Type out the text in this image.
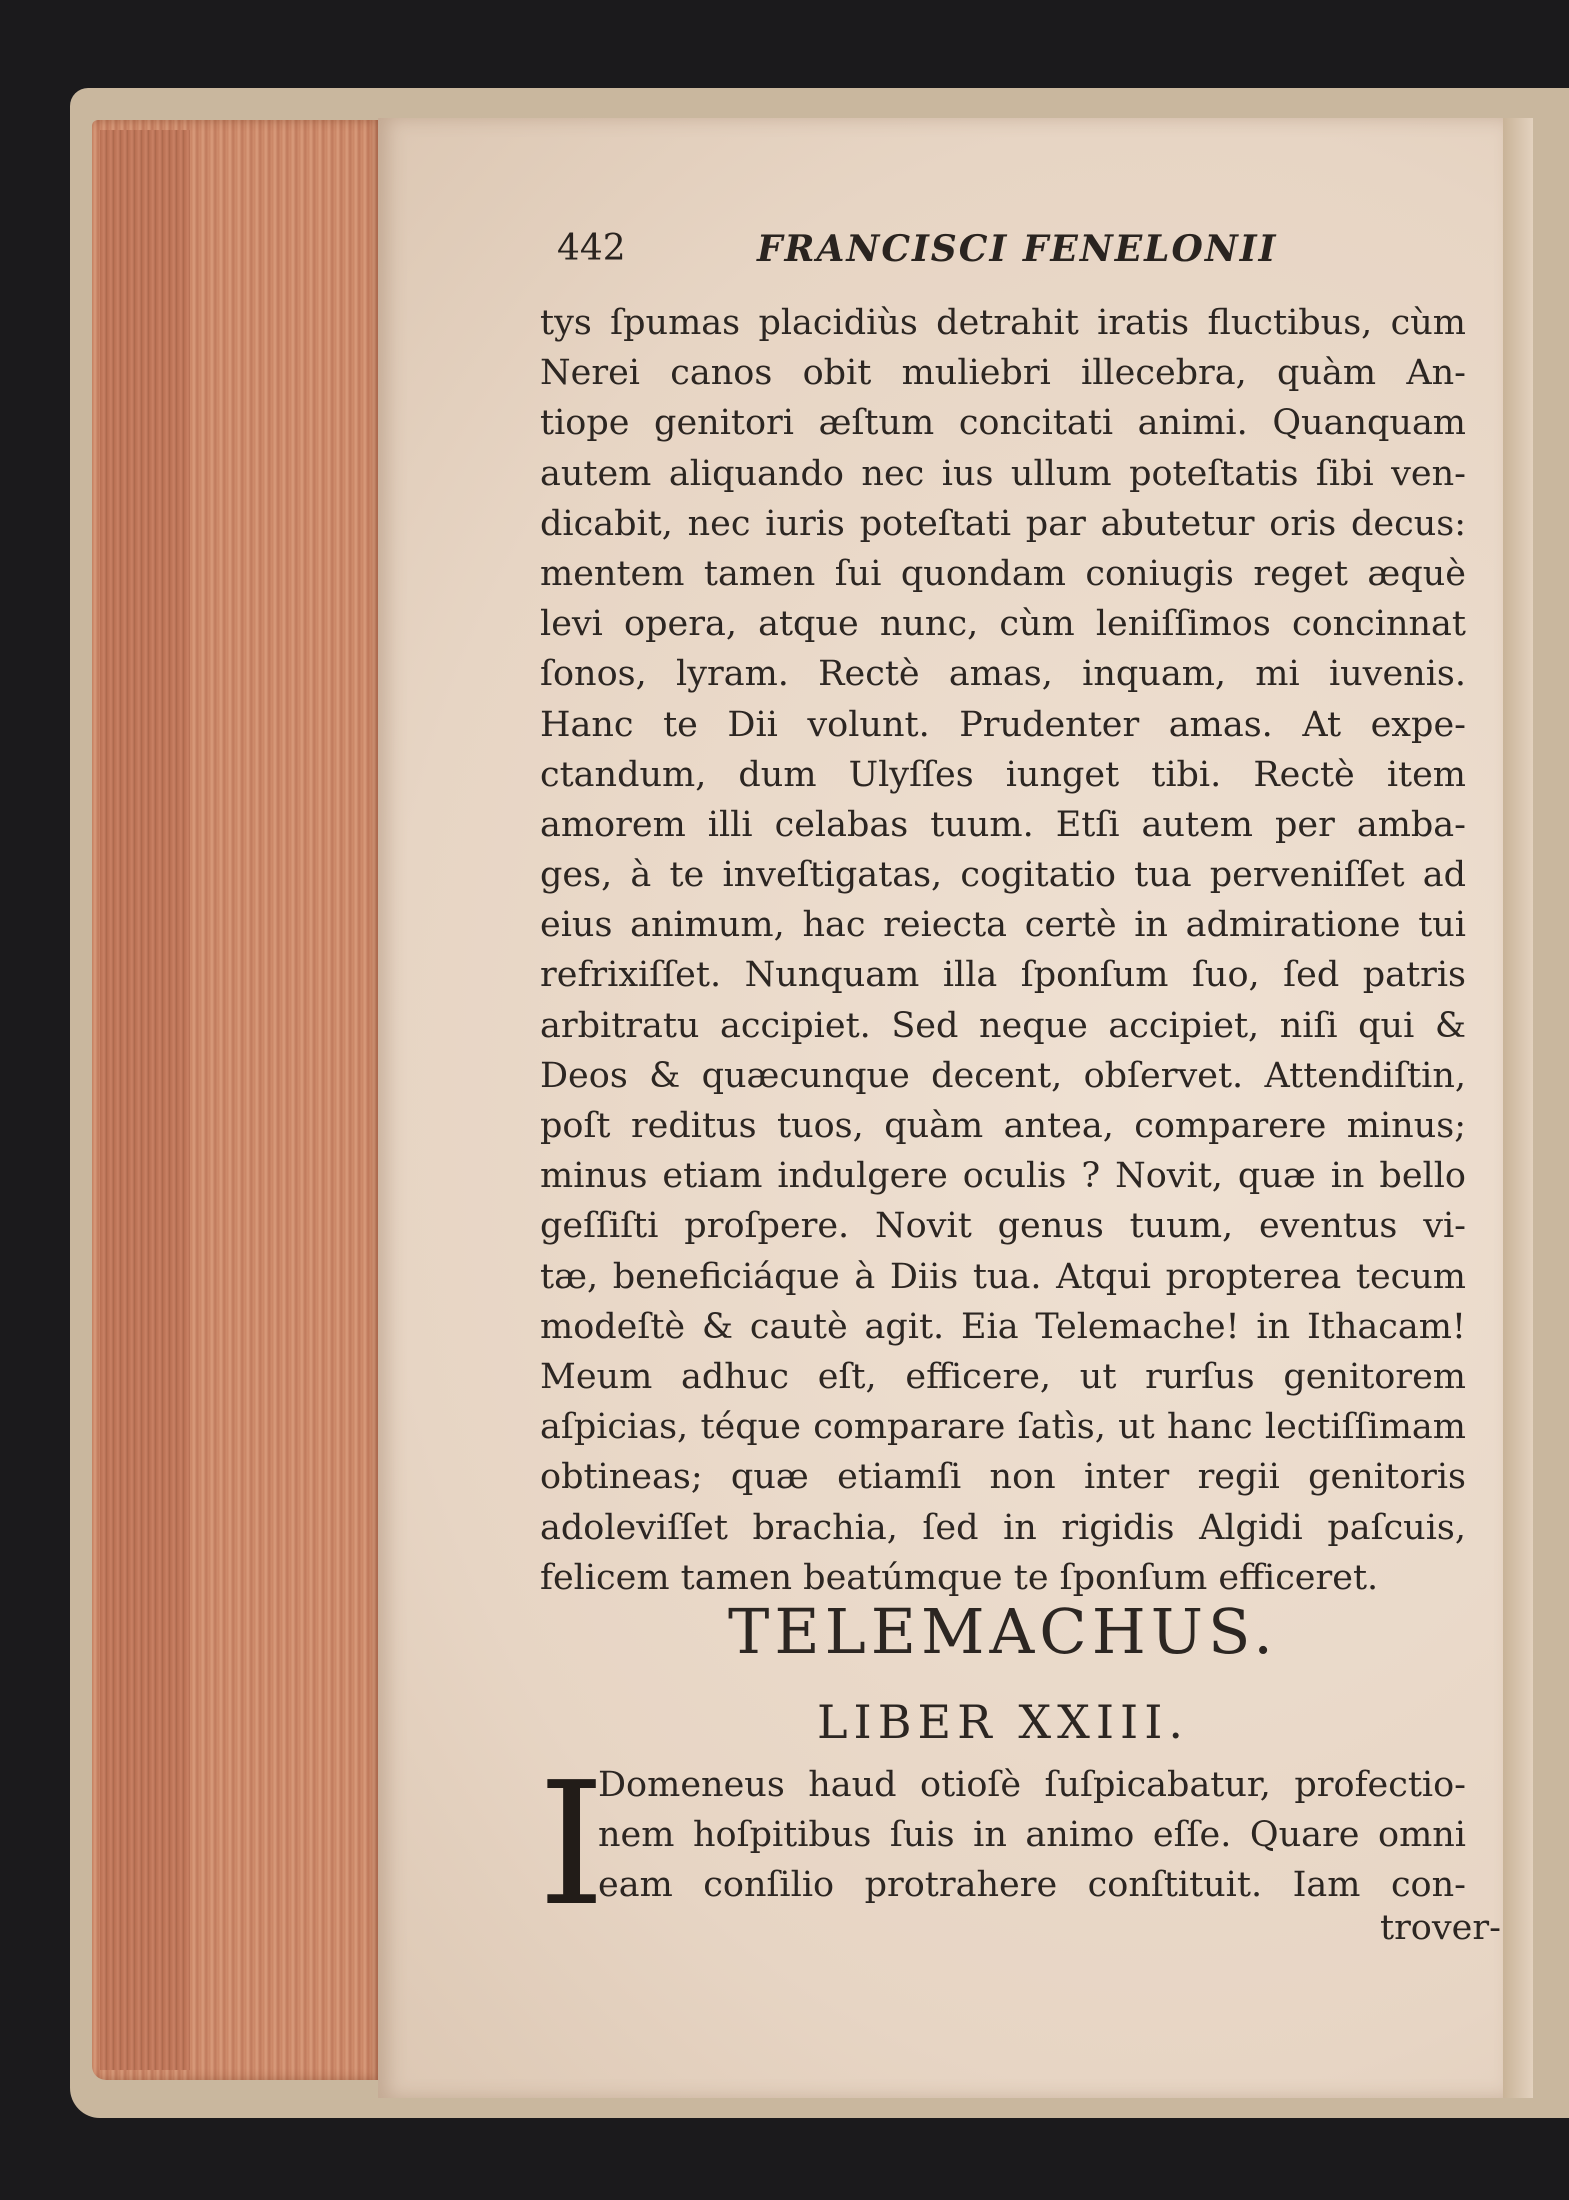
442	FRANCISCI FENELONII
tys ſpumas placidiùs detrahit iratis fluctibus, cùm
Nerei canos obit muliebri illecebra, quàm An-
tiope genitori æſtum concitati animi. Quanquam
autem aliquando nec ius ullum poteſtatis ſibi ven-
dicabit, nec iuris poteſtati par abutetur oris decus:
mentem tamen ſui quondam coniugis reget æquè
levi opera, atque nunc, cùm leniſſimos concinnat
ſonos, lyram. Rectè amas, inquam, mi iuvenis.
Hanc te Dii volunt. Prudenter amas. At expe-
ctandum, dum Ulyſſes iunget tibi. Rectè item
amorem illi celabas tuum. Etſi autem per amba-
ges, à te inveſtigatas, cogitatio tua perveniſſet ad
eius animum, hac reiecta certè in admiratione tui
refrixiſſet. Nunquam illa ſponſum ſuo, ſed patris
arbitratu accipiet. Sed neque accipiet, niſi qui &
Deos & quæcunque decent, obſervet. Attendiſtin,
poſt reditus tuos, quàm antea, comparere minus;
minus etiam indulgere oculis ? Novit, quæ in bello
geſſiſti proſpere. Novit genus tuum, eventus vi-
tæ, beneficiáque à Diis tua. Atqui propterea tecum
modeſtè & cautè agit. Eia Telemache! in Ithacam!
Meum adhuc eſt, efficere, ut rurſus genitorem
aſpicias, téque comparare ſatìs, ut hanc lectiſſimam
obtineas; quæ etiamſi non inter regii genitoris
adoleviſſet brachia, ſed in rigidis Algidi paſcuis,
felicem tamen beatúmque te ſponſum efficeret.
TELEMACHUS.
LIBER XXIII.
I
Domeneus haud otioſè ſuſpicabatur, profectio-
nem hoſpitibus ſuis in animo eſſe. Quare omni
eam conſilio protrahere conſtituit. Iam con-
trover-
